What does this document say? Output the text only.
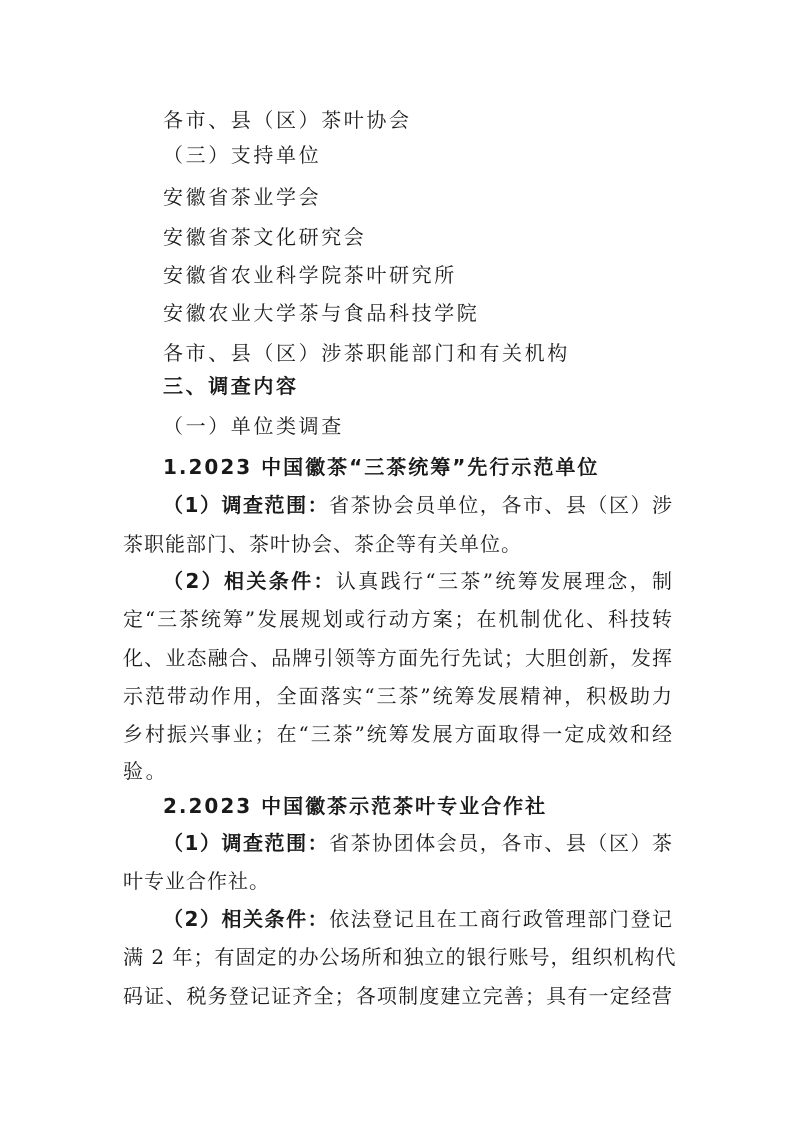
各市、县（区）茶叶协会
（三）支持单位
安徽省茶业学会
安徽省茶文化研究会
安徽省农业科学院茶叶研究所
安徽农业大学茶与食品科技学院
各市、县（区）涉茶职能部门和有关机构
三、调查内容
（一）单位类调查
1.2023 中国徽茶“三茶统筹”先行示范单位
（1）调查范围：省茶协会员单位，各市、县（区）涉
茶职能部门、茶叶协会、茶企等有关单位。
（2）相关条件：认真践行“三茶”统筹发展理念，制
定“三茶统筹”发展规划或行动方案；在机制优化、科技转
化、业态融合、品牌引领等方面先行先试；大胆创新，发挥
示范带动作用，全面落实“三茶”统筹发展精神，积极助力
乡村振兴事业；在“三茶”统筹发展方面取得一定成效和经
验。
2.2023 中国徽茶示范茶叶专业合作社
（1）调查范围：省茶协团体会员，各市、县（区）茶
叶专业合作社。
（2）相关条件：依法登记且在工商行政管理部门登记
满 2 年；有固定的办公场所和独立的银行账号，组织机构代
码证、税务登记证齐全；各项制度建立完善；具有一定经营
